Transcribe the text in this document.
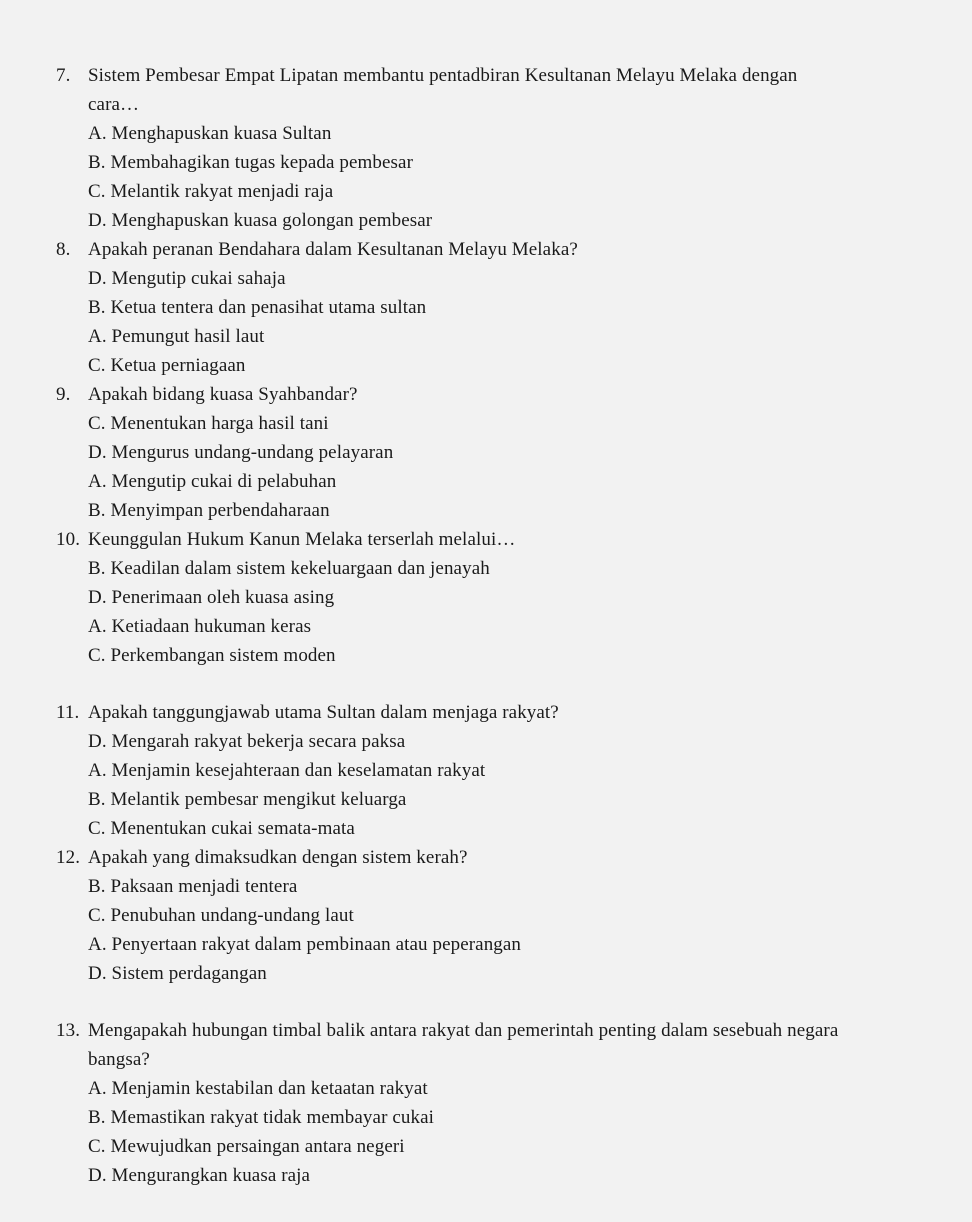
7. Sistem Pembesar Empat Lipatan membantu pentadbiran Kesultanan Melayu Melaka dengan cara…
A. Menghapuskan kuasa Sultan
B. Membahagikan tugas kepada pembesar
C. Melantik rakyat menjadi raja
D. Menghapuskan kuasa golongan pembesar
8. Apakah peranan Bendahara dalam Kesultanan Melayu Melaka?
D. Mengutip cukai sahaja
B. Ketua tentera dan penasihat utama sultan
A. Pemungut hasil laut
C. Ketua perniagaan
9. Apakah bidang kuasa Syahbandar?
C. Menentukan harga hasil tani
D. Mengurus undang-undang pelayaran
A. Mengutip cukai di pelabuhan
B. Menyimpan perbendaharaan
10. Keunggulan Hukum Kanun Melaka terserlah melalui…
B. Keadilan dalam sistem kekeluargaan dan jenayah
D. Penerimaan oleh kuasa asing
A. Ketiadaan hukuman keras
C. Perkembangan sistem moden
11. Apakah tanggungjawab utama Sultan dalam menjaga rakyat?
D. Mengarah rakyat bekerja secara paksa
A. Menjamin kesejahteraan dan keselamatan rakyat
B. Melantik pembesar mengikut keluarga
C. Menentukan cukai semata-mata
12. Apakah yang dimaksudkan dengan sistem kerah?
B. Paksaan menjadi tentera
C. Penubuhan undang-undang laut
A. Penyertaan rakyat dalam pembinaan atau peperangan
D. Sistem perdagangan
13. Mengapakah hubungan timbal balik antara rakyat dan pemerintah penting dalam sesebuah negara bangsa?
A. Menjamin kestabilan dan ketaatan rakyat
B. Memastikan rakyat tidak membayar cukai
C. Mewujudkan persaingan antara negeri
D. Mengurangkan kuasa raja
